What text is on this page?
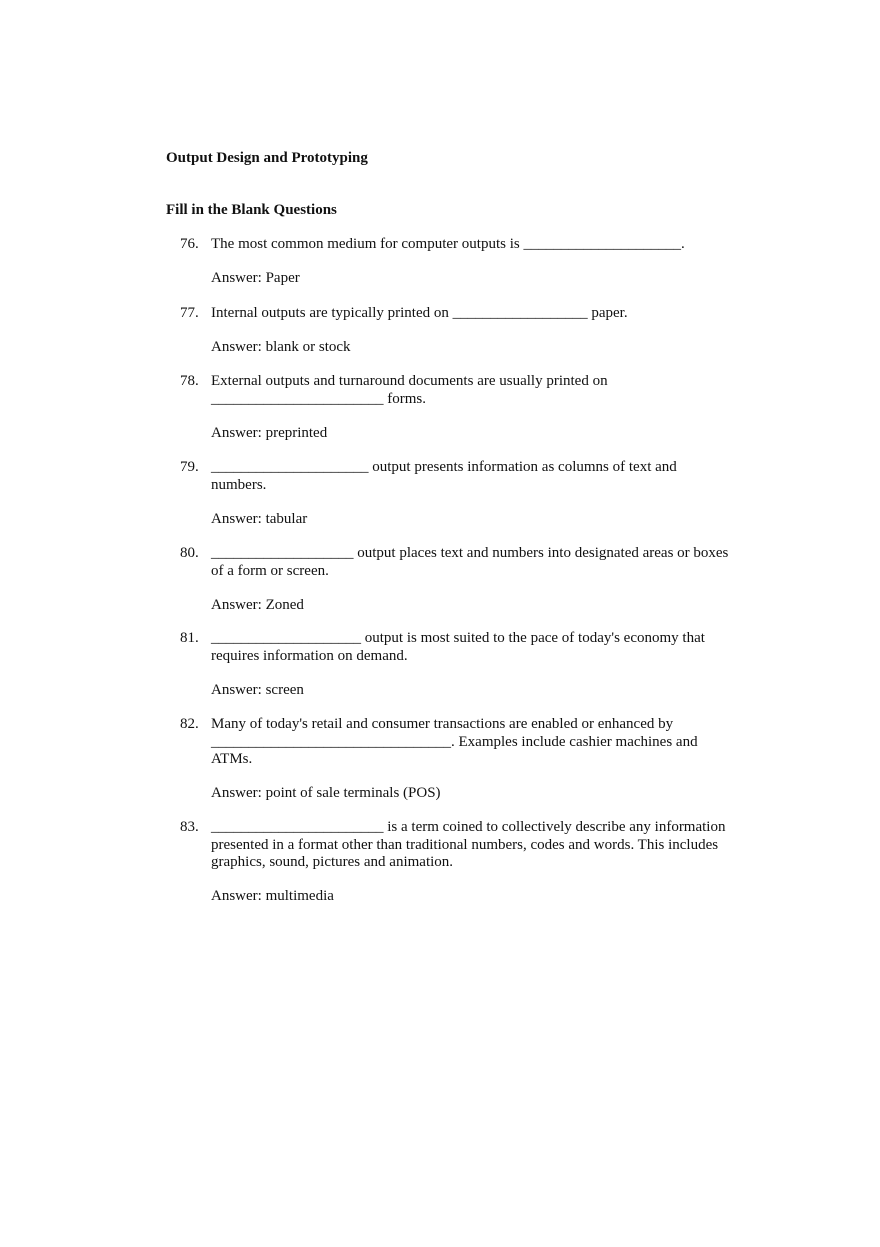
Output Design and Prototyping
Fill in the Blank Questions
76. The most common medium for computer outputs is _____________________.
Answer: Paper
77. Internal outputs are typically printed on __________________ paper.
Answer: blank or stock
78. External outputs and turnaround documents are usually printed on _______________________ forms.
Answer: preprinted
79. _____________________ output presents information as columns of text and numbers.
Answer: tabular
80. ___________________ output places text and numbers into designated areas or boxes of a form or screen.
Answer: Zoned
81. ____________________ output is most suited to the pace of today's economy that requires information on demand.
Answer: screen
82. Many of today's retail and consumer transactions are enabled or enhanced by ________________________________. Examples include cashier machines and ATMs.
Answer: point of sale terminals (POS)
83. _______________________ is a term coined to collectively describe any information presented in a format other than traditional numbers, codes and words. This includes graphics, sound, pictures and animation.
Answer: multimedia
